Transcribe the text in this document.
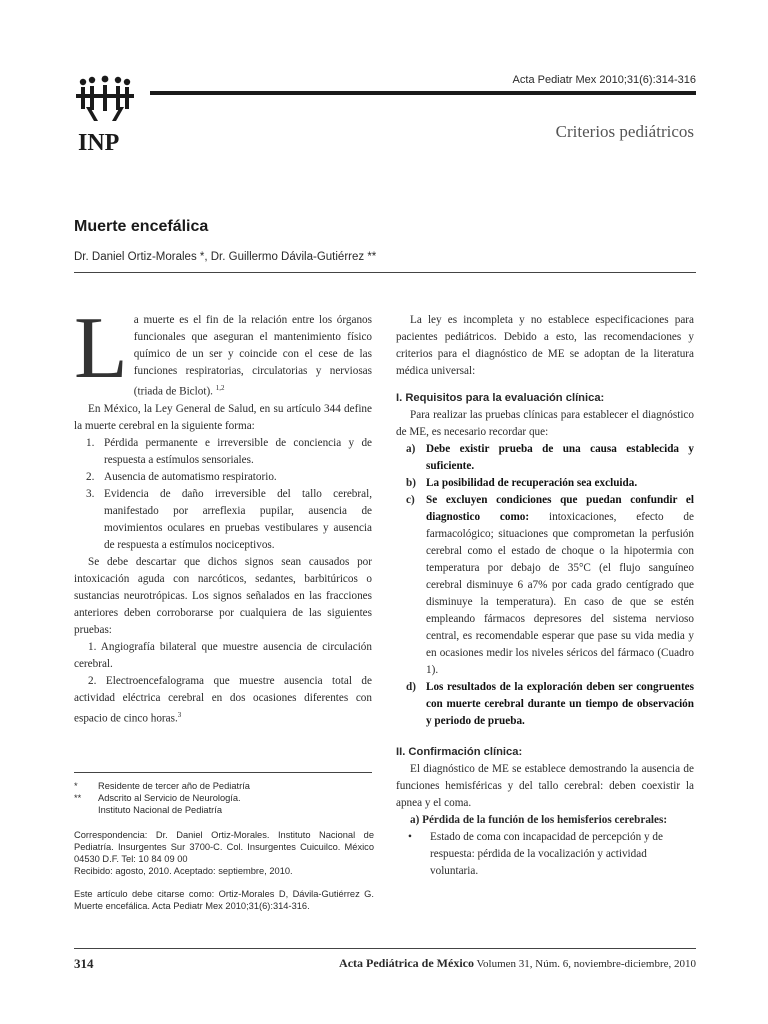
INP
Acta Pediatr Mex 2010;31(6):314-316
Criterios pediátricos
Muerte encefálica
Dr. Daniel Ortiz-Morales *, Dr. Guillermo Dávila-Gutiérrez **

La muerte es el fin de la relación entre los órganos funcionales que aseguran el mantenimiento físico químico de un ser y coincide con el cese de las funciones respiratorias, circulatorias y nerviosas (triada de Biclot). $^{1,2}$

En México, la Ley General de Salud, en su artículo 344 define la muerte cerebral en la siguiente forma:

1. Pérdida permanente e irreversible de conciencia y de respuesta a estímulos sensoriales.
2. Ausencia de automatismo respiratorio.
3. Evidencia de daño irreversible del tallo cerebral, manifestado por arreflexia pupilar, ausencia de movimientos oculares en pruebas vestibulares y ausencia de respuesta a estímulos nociceptivos.

Se debe descartar que dichos signos sean causados por intoxicación aguda con narcóticos, sedantes, barbitúricos o sustancias neurotrópicas. Los signos señalados en las fracciones anteriores deben corroborarse por cualquiera de las siguientes pruebas:

1. Angiografía bilateral que muestre ausencia de circulación cerebral.

2. Electroencefalograma que muestre ausencia total de actividad eléctrica cerebral en dos ocasiones diferentes con espacio de cinco horas.$^3$

*	Residente de tercer año de Pediatría
**	Adscrito al Servicio de Neurología.
Instituto Nacional de Pediatría

Correspondencia: Dr. Daniel Ortiz-Morales. Instituto Nacional de Pediatría. Insurgentes Sur 3700-C. Col. Insurgentes Cuicuilco. México 04530 D.F. Tel: 10 84 09 00

Recibido: agosto, 2010. Aceptado: septiembre, 2010.

Este artículo debe citarse como: Ortiz-Morales D, Dávila-Gutiérrez G. Muerte encefálica. Acta Pediatr Mex 2010;31(6):314-316.

La ley es incompleta y no establece especificaciones para pacientes pediátricos. Debido a esto, las recomendaciones y criterios para el diagnóstico de ME se adoptan de la literatura médica universal:

I. Requisitos para la evaluación clínica:

Para realizar las pruebas clínicas para establecer el diagnóstico de ME, es necesario recordar que:

a) Debe existir prueba de una causa establecida y suficiente.
b) La posibilidad de recuperación sea excluida.
c)	Se excluyen condiciones que puedan confundir el diagnostico como: intoxicaciones, efecto de farmacológico; situaciones que comprometan la perfusión cerebral como el estado de choque o la hipotermia con temperatura por debajo de 35°C (el flujo sanguíneo cerebral disminuye 6 a7% por cada grado centígrado que disminuye la temperatura). En caso de que se estén empleando fármacos depresores del sistema nervioso central, es recomendable esperar que pase su vida media y en ocasiones medir los niveles séricos del fármaco (Cuadro 1).
d) Los resultados de la exploración deben ser congruentes con muerte cerebral durante un tiempo de observación y periodo de prueba.
II. Confirmación clínica:

El diagnóstico de ME se establece demostrando la ausencia de funciones hemisféricas y del tallo cerebral: deben coexistir la apnea y el coma.

a) Pérdida de la función de los hemisferios cerebrales:

•	Estado de coma con incapacidad de percepción y de respuesta: pérdida de la vocalización y actividad voluntaria.
314	Acta Pediátrica de México Volumen 31, Núm. 6, noviembre-diciembre, 2010
